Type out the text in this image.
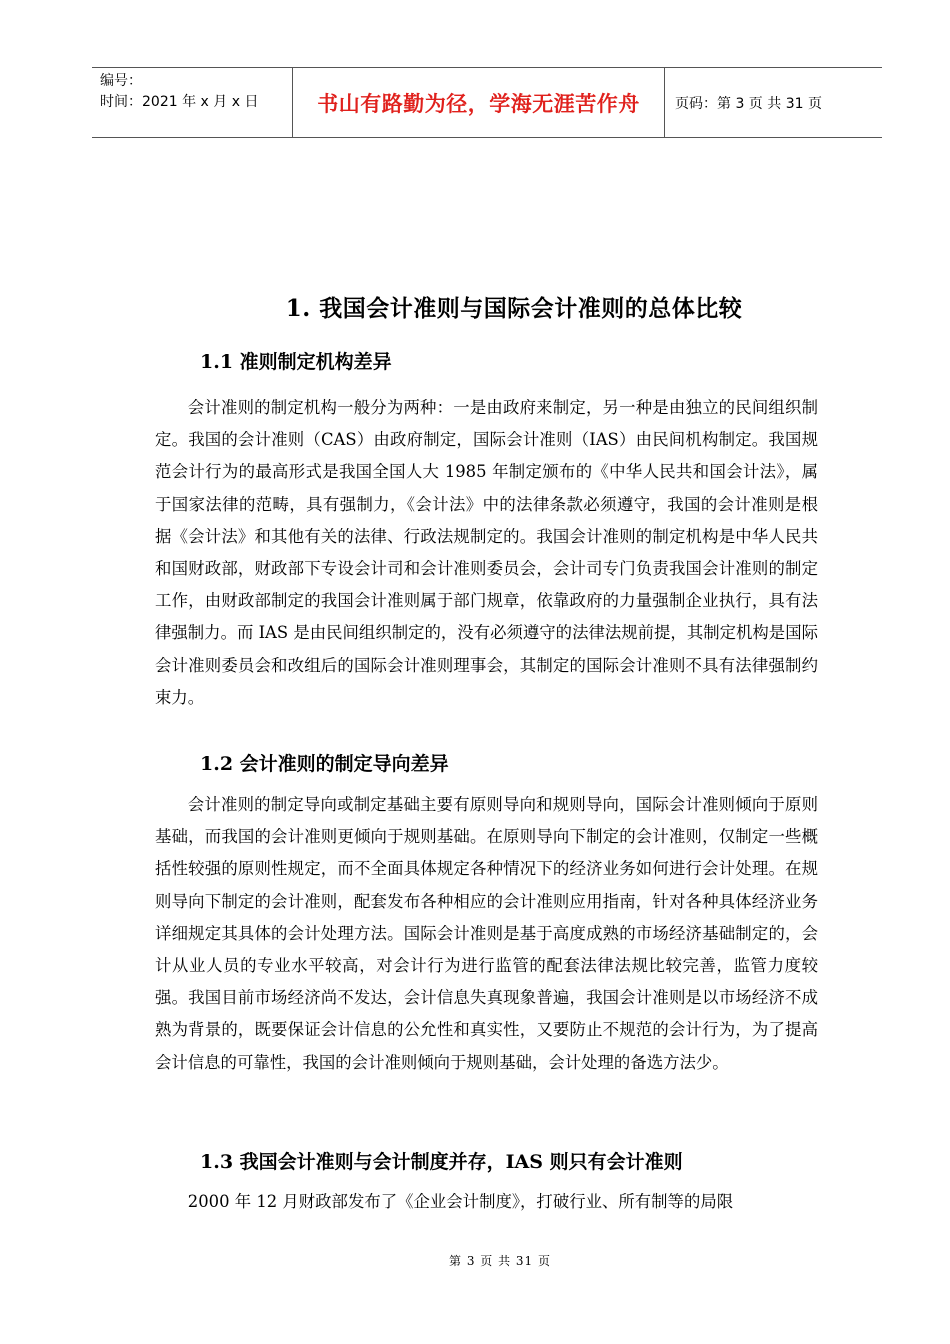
编号：
时间：2021 年 x 月 x 日	书山有路勤为径，学海无涯苦作舟	页码：第 3 页 共 31 页
1. 我国会计准则与国际会计准则的总体比较
1.1 准则制定机构差异

会计准则的制定机构一般分为两种：一是由政府来制定，另一种是由独立的民间组织制定。我国的会计准则（CAS）由政府制定，国际会计准则（IAS）由民间机构制定。我国规范会计行为的最高形式是我国全国人大 1985 年制定颁布的《中华人民共和国会计法》，属于国家法律的范畴，具有强制力，《会计法》中的法律条款必须遵守，我国的会计准则是根据《会计法》和其他有关的法律、行政法规制定的。我国会计准则的制定机构是中华人民共和国财政部，财政部下专设会计司和会计准则委员会，会计司专门负责我国会计准则的制定工作，由财政部制定的我国会计准则属于部门规章，依靠政府的力量强制企业执行，具有法律强制力。而 IAS 是由民间组织制定的，没有必须遵守的法律法规前提，其制定机构是国际会计准则委员会和改组后的国际会计准则理事会，其制定的国际会计准则不具有法律强制约束力。

1.2 会计准则的制定导向差异

会计准则的制定导向或制定基础主要有原则导向和规则导向，国际会计准则倾向于原则基础，而我国的会计准则更倾向于规则基础。在原则导向下制定的会计准则，仅制定一些概括性较强的原则性规定，而不全面具体规定各种情况下的经济业务如何进行会计处理。在规则导向下制定的会计准则，配套发布各种相应的会计准则应用指南，针对各种具体经济业务详细规定其具体的会计处理方法。国际会计准则是基于高度成熟的市场经济基础制定的，会计从业人员的专业水平较高，对会计行为进行监管的配套法律法规比较完善，监管力度较强。我国目前市场经济尚不发达，会计信息失真现象普遍，我国会计准则是以市场经济不成熟为背景的，既要保证会计信息的公允性和真实性，又要防止不规范的会计行为，为了提高会计信息的可靠性，我国的会计准则倾向于规则基础，会计处理的备选方法少。

1.3 我国会计准则与会计制度并存，IAS 则只有会计准则

2000 年 12 月财政部发布了《企业会计制度》，打破行业、所有制等的局限

第 3 页 共 31 页
